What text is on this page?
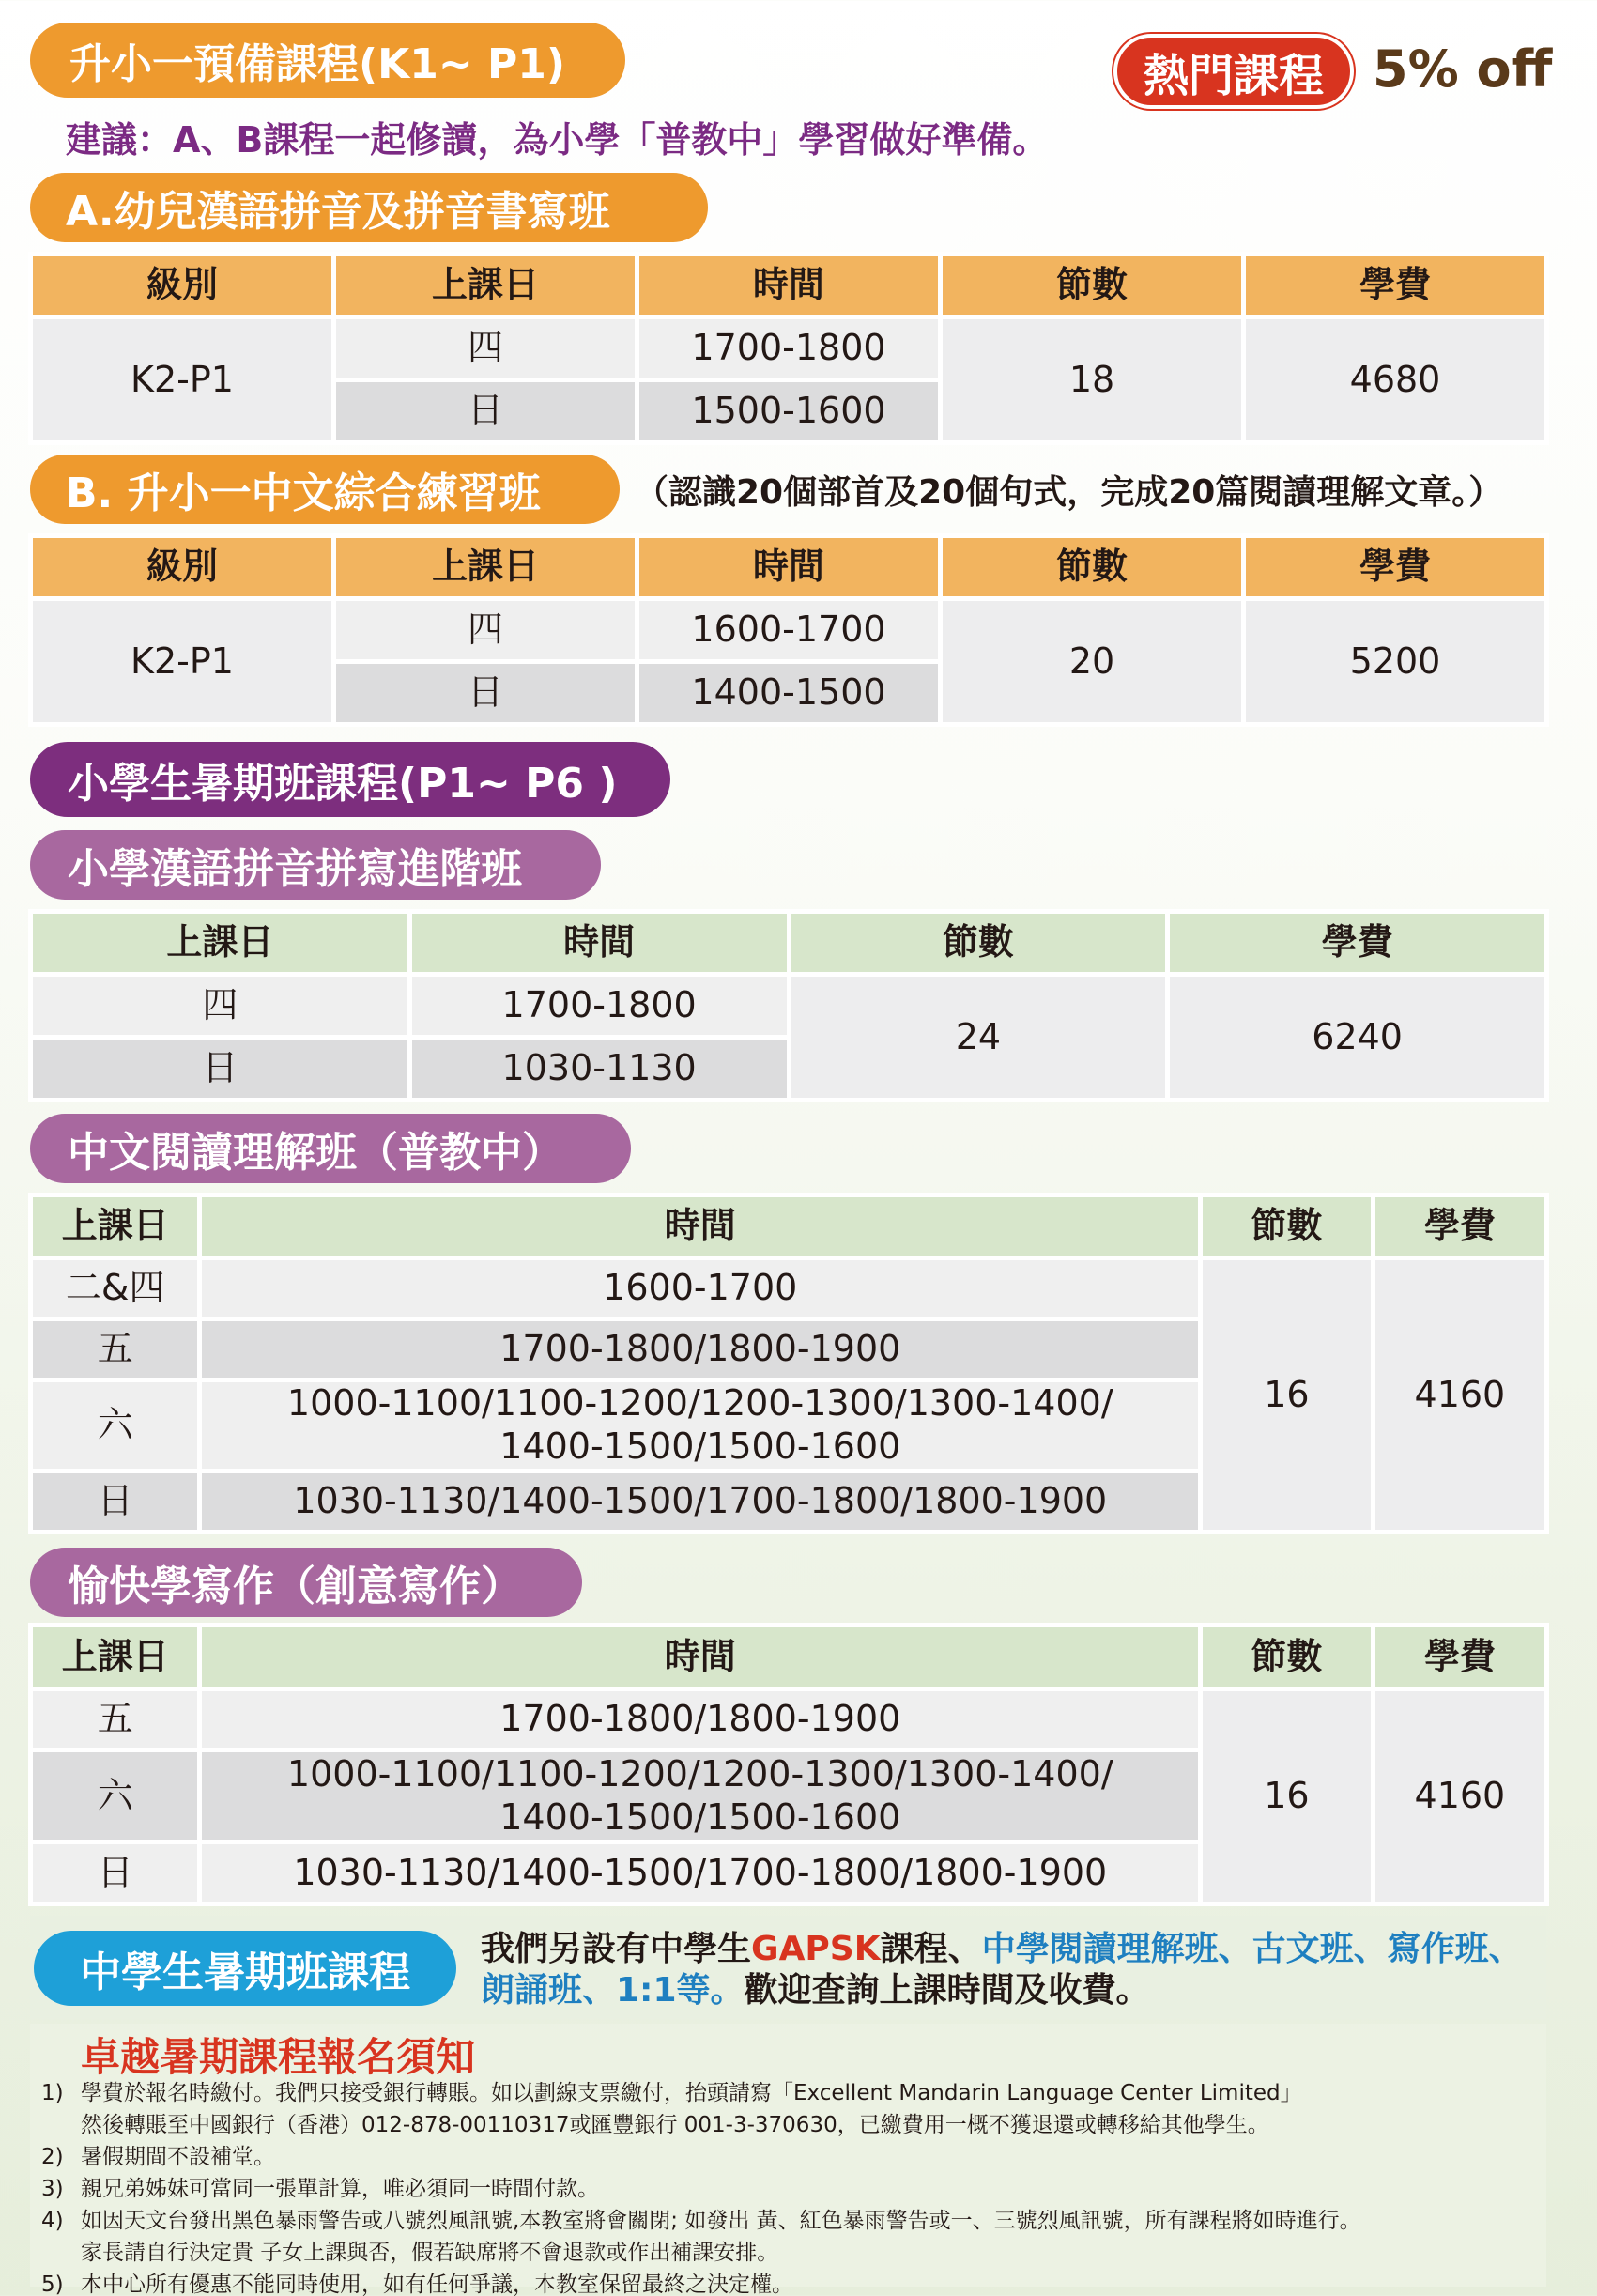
升小一預備課程(K1~ P1)	熱門課程 5% off
建議：A、B課程一起修讀，為小學「普教中」學習做好準備。
A.幼兒漢語拼音及拼音書寫班
級別	上課日	時間	節數	學費
K2-P1	四	1700-1800	18	4680
	日	1500-1600		
B. 升小一中文綜合練習班	（認識20個部首及20個句式，完成20篇閱讀理解文章。）
級別	上課日	時間	節數	學費
K2-P1	四	1600-1700	20	5200
	日	1400-1500		
小學生暑期班課程(P1~ P6 )
小學漢語拼音拼寫進階班
上課日	時間	節數	學費
四	1700-1800	24	6240
日	1030-1130		
中文閱讀理解班（普教中）
上課日	時間	節數	學費
二&四	1600-1700	16	4160
五	1700-1800/1800-1900		
六	1000-1100/1100-1200/1200-1300/1300-1400/
1400-1500/1500-1600		

日	1030-1130/1400-1500/1700-1800/1800-1900		
愉快學寫作（創意寫作）
上課日	時間	節數	學費
五	1700-1800/1800-1900	16	4160
六	1000-1100/1100-1200/1200-1300/1300-1400/
1400-1500/1500-1600		

日	1030-1130/1400-1500/1700-1800/1800-1900		
中學生暑期班課程	我們另設有中學生GAPSK課程、中學閱讀理解班、古文班、寫作班、
朗誦班、1:1等。歡迎查詢上課時間及收費。
卓越暑期課程報名須知
1) 學費於報名時繳付。我們只接受銀行轉賬。如以劃線支票繳付，抬頭請寫「Excellent Mandarin Language Center Limited」
然後轉賬至中國銀行（香港）012-878-00110317或匯豐銀行 001-3-370630，已繳費用一概不獲退還或轉移給其他學生。
2) 暑假期間不設補堂。
3) 親兄弟姊妹可當同一張單計算，唯必須同一時間付款。
4) 如因天文台發出黑色暴雨警告或八號烈風訊號,本教室將會關閉; 如發出 黃、紅色暴雨警告或一、三號烈風訊號，所有課程將如時進行。
家長請自行決定貴 子女上課與否，假若缺席將不會退款或作出補課安排。
5) 本中心所有優惠不能同時使用，如有任何爭議，本教室保留最終之決定權。
